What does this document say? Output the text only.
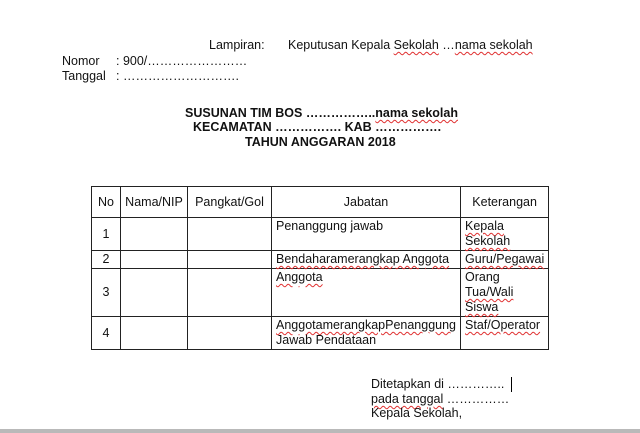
Lampiran: Keputusan Kepala Sekolah …nama sekolah
Nomor : 900/……………………
Tanggal : ……………………….
SUSUNAN TIM BOS ……………..nama sekolah
KECAMATAN ……………. KAB …………….
TAHUN ANGGARAN 2018
No	Nama/NIP	Pangkat/Gol	Jabatan	Keterangan
1			Penanggung jawab	Kepala
Sekolah

2			Bendaharamerangkap Anggota	Guru/Pegawai

3			Anggota	Orang
Tua/Wali
Siswa

4			AnggotamerangkapPenanggung
Jawab Pendataan	Staf/Operator
Ditetapkan di …………..
pada tanggal ……………
Kepala Sekolah,
